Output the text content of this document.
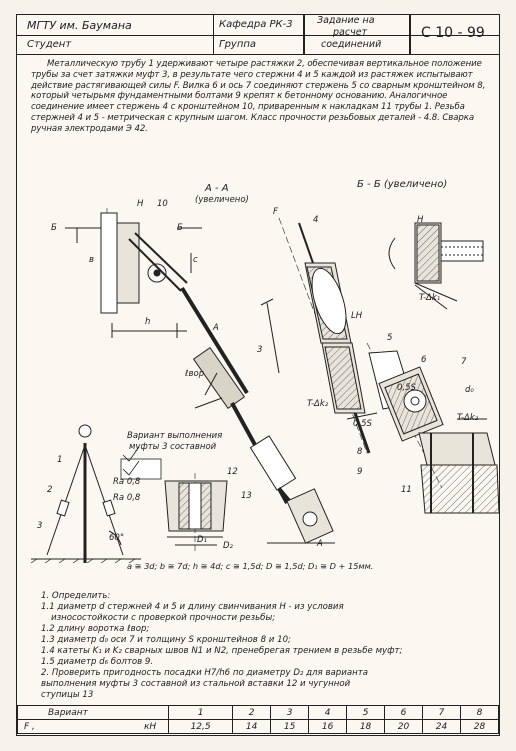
МГТУ им. Баумана	Кафедра РК-3	Задание на
расчет
соединений
С 10 - 99
Студент	Группа

Металлическую трубу 1 удерживают четыре растяжки 2, обеспечивая вертикальное положение трубы за счет затяжки муфт 3, в результате чего стержни 4 и 5 каждой из растяжек испытывают действие растягивающей силы F. Вилка 6 и ось 7 соединяют стержень 5 со сварным кронштейном 8, который четырьмя фундаментными болтами 9 крепят к бетонному основанию. Аналогичное соединение имеет стержень 4 с кронштейном 10, приваренным к накладкам 11 трубы 1. Резьба стержней 4 и 5 - метрическая с крупным шагом. Класс прочности резьбовых деталей - 4.8. Сварка ручная электродами Э 42.

А - А
(увеличено)
Б - Б (увеличено)
Вариант выполнения
муфты 3 составной
Б	Б
А
F
H 10
в	c
h
ℓвор
3
4
LH
5
6	7
8
9
H
T-Δk₁
T-Δk₂
T-Δk₂
0,5S
0,5S
d₀
1
2
3
60°
Ra 0,8
Ra 0,8
12
13
D₁
D₂	А
11
a ≅ 3d; b ≅ 7d; h ≅ 4d; c ≅ 1,5d; D ≅ 1,5d; D₁ ≅ D + 15мм.
1. Определить:
1.1 диаметр d стержней 4 и 5 и длину свинчивания H - из условия
износостойкости с проверкой прочности резьбы;
1.2 длину воротка ℓвор;
1.3 диаметр d₀ оси 7 и толщину S кронштейнов 8 и 10;
1.4 катеты K₁ и K₂ сварных швов N1 и N2, пренебрегая трением в резьбе муфт;
1.5 диаметр d₆ болтов 9.
2. Проверить пригодность посадки H7/h6 по диаметру D₂ для варианта
выполнения муфты 3 составной из стальной вставки 12 и чугунной
ступицы 13
Вариант		1	2	3	4	5	6	7	8
F ,	кН	12,5	14	15	16	18	20	24	28
